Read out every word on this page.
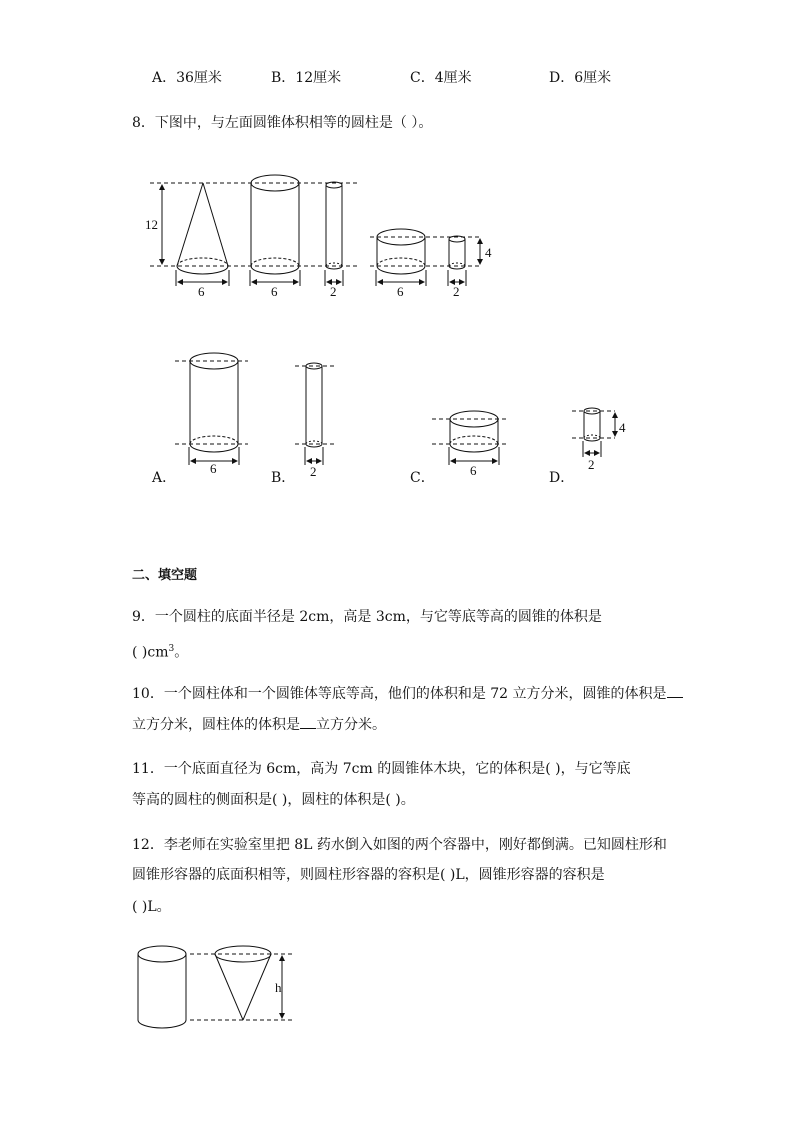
A．36厘米	B．12厘米	C．4厘米	D．6厘米
8．下图中，与左面圆锥体积相等的圆柱是（ ）。
12
6	6	2	6	2
4
6	2	6	2
4
A．	B．	C．	D．
二、填空题
9．一个圆柱的底面半径是 2cm，高是 3cm，与它等底等高的圆锥的体积是
( )$cm^3$。
10．一个圆柱体和一个圆锥体等底等高，他们的体积和是 72 立方分米，圆锥的体积是
立方分米，圆柱体的体积是 立方分米。
11．一个底面直径为 6cm，高为 7cm 的圆锥体木块，它的体积是( )，与它等底
等高的圆柱的侧面积是( )，圆柱的体积是( )。
12．李老师在实验室里把 8L 药水倒入如图的两个容器中，刚好都倒满。已知圆柱形和
圆锥形容器的底面积相等，则圆柱形容器的容积是( )L，圆锥形容器的容积是
( )L。
h
